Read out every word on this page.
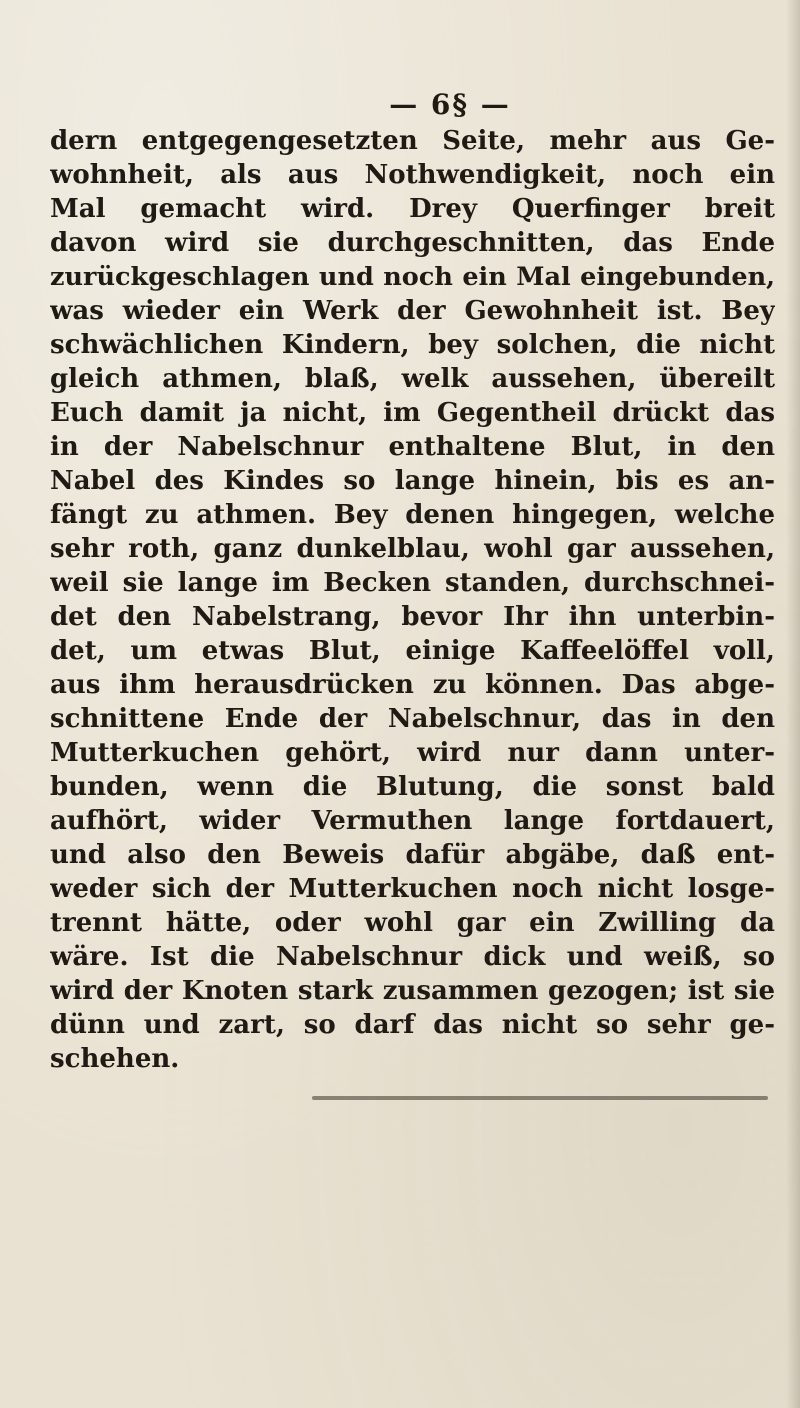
— 6§ —
dern entgegengesetzten Seite, mehr aus Ge-
wohnheit, als aus Nothwendigkeit, noch ein
Mal gemacht wird. Drey Querfinger breit
davon wird sie durchgeschnitten, das Ende
zurückgeschlagen und noch ein Mal eingebunden,
was wieder ein Werk der Gewohnheit ist. Bey
schwächlichen Kindern, bey solchen, die nicht
gleich athmen, blaß, welk aussehen, übereilt
Euch damit ja nicht, im Gegentheil drückt das
in der Nabelschnur enthaltene Blut, in den
Nabel des Kindes so lange hinein, bis es an-
fängt zu athmen. Bey denen hingegen, welche
sehr roth, ganz dunkelblau, wohl gar aussehen,
weil sie lange im Becken standen, durchschnei-
det den Nabelstrang, bevor Ihr ihn unterbin-
det, um etwas Blut, einige Kaffeelöffel voll,
aus ihm herausdrücken zu können. Das abge-
schnittene Ende der Nabelschnur, das in den
Mutterkuchen gehört, wird nur dann unter-
bunden, wenn die Blutung, die sonst bald
aufhört, wider Vermuthen lange fortdauert,
und also den Beweis dafür abgäbe, daß ent-
weder sich der Mutterkuchen noch nicht losge-
trennt hätte, oder wohl gar ein Zwilling da
wäre. Ist die Nabelschnur dick und weiß, so
wird der Knoten stark zusammen gezogen; ist sie
dünn und zart, so darf das nicht so sehr ge-
schehen.
